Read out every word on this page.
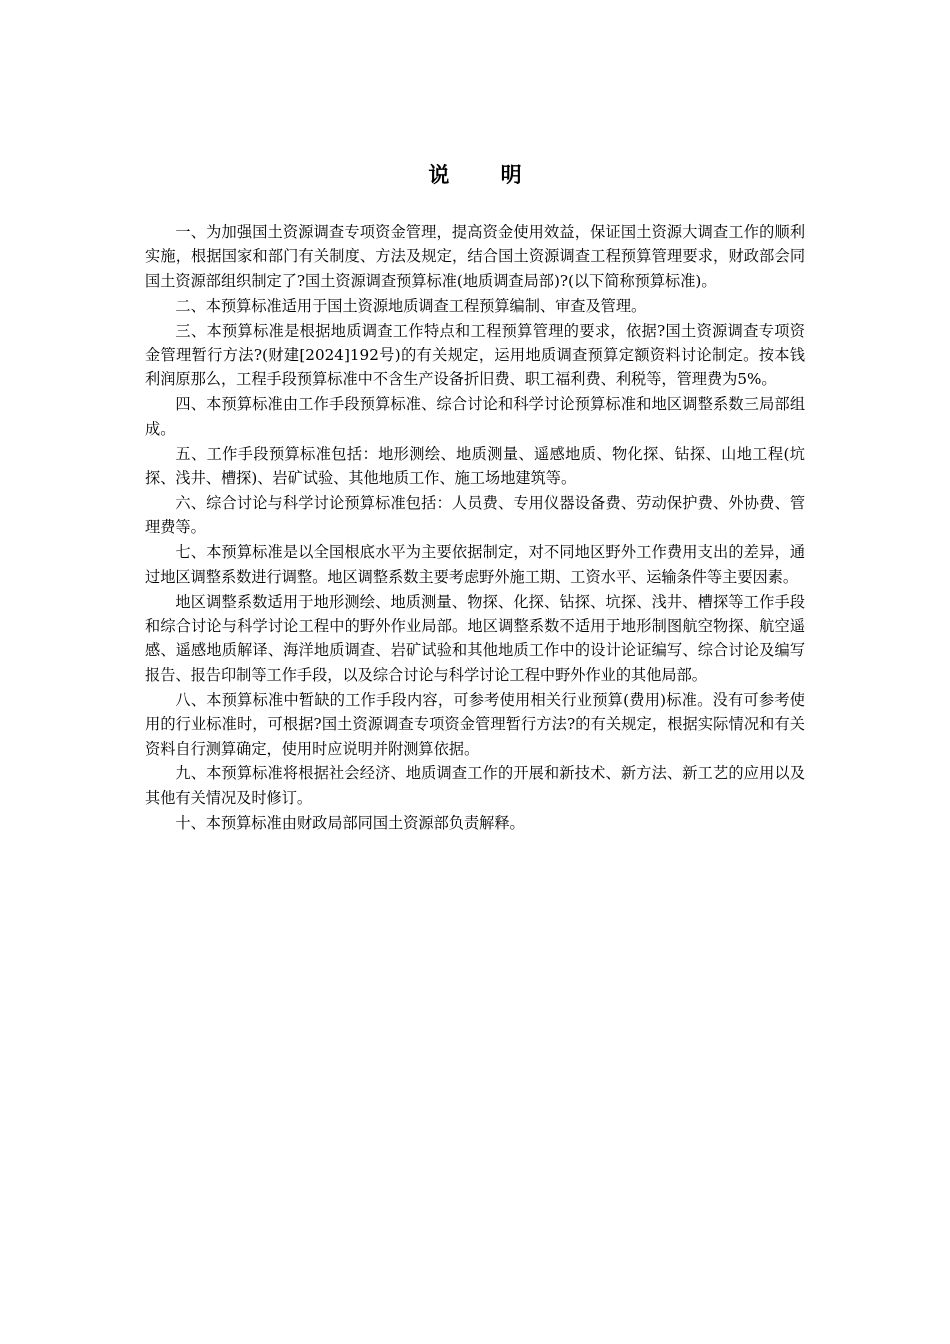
说 明

一、为加强国土资源调查专项资金管理，提高资金使用效益，保证国土资源大调查工作的顺利实施，根据国家和部门有关制度、方法及规定，结合国土资源调查工程预算管理要求，财政部会同国土资源部组织制定了?国土资源调查预算标准(地质调查局部)?(以下简称预算标准)。

二、本预算标准适用于国土资源地质调查工程预算编制、审查及管理。

三、本预算标准是根据地质调查工作特点和工程预算管理的要求，依据?国土资源调查专项资金管理暂行方法?(财建[2024]192号)的有关规定，运用地质调查预算定额资料讨论制定。按本钱利润原那么，工程手段预算标准中不含生产设备折旧费、职工福利费、利税等，管理费为5%。

四、本预算标准由工作手段预算标准、综合讨论和科学讨论预算标准和地区调整系数三局部组成。

五、工作手段预算标准包括：地形测绘、地质测量、遥感地质、物化探、钻探、山地工程(坑探、浅井、槽探)、岩矿试验、其他地质工作、施工场地建筑等。

六、综合讨论与科学讨论预算标准包括：人员费、专用仪器设备费、劳动保护费、外协费、管理费等。

七、本预算标准是以全国根底水平为主要依据制定，对不同地区野外工作费用支出的差异，通过地区调整系数进行调整。地区调整系数主要考虑野外施工期、工资水平、运输条件等主要因素。

地区调整系数适用于地形测绘、地质测量、物探、化探、钻探、坑探、浅井、槽探等工作手段和综合讨论与科学讨论工程中的野外作业局部。地区调整系数不适用于地形制图航空物探、航空遥感、遥感地质解译、海洋地质调查、岩矿试验和其他地质工作中的设计论证编写、综合讨论及编写报告、报告印制等工作手段，以及综合讨论与科学讨论工程中野外作业的其他局部。

八、本预算标准中暂缺的工作手段内容，可参考使用相关行业预算(费用)标准。没有可参考使用的行业标准时，可根据?国土资源调查专项资金管理暂行方法?的有关规定，根据实际情况和有关资料自行测算确定，使用时应说明并附测算依据。

九、本预算标准将根据社会经济、地质调查工作的开展和新技术、新方法、新工艺的应用以及其他有关情况及时修订。

十、本预算标准由财政局部同国土资源部负责解释。
